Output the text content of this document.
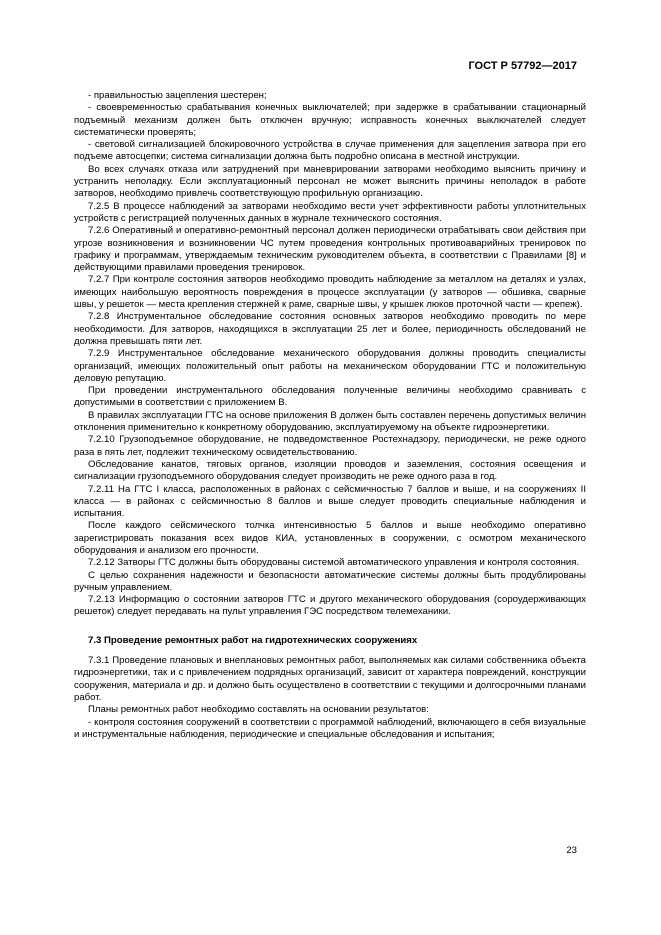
ГОСТ Р 57792—2017

- правильностью зацепления шестерен;

- своевременностью срабатывания конечных выключателей; при задержке в срабатывании стационарный подъемный механизм должен быть отключен вручную; исправность конечных выключателей следует систематически проверять;

- световой сигнализацией блокировочного устройства в случае применения для зацепления затвора при его подъеме автосцепки; система сигнализации должна быть подробно описана в местной инструкции.

Во всех случаях отказа или затруднений при маневрировании затворами необходимо выяснить причину и устранить неполадку. Если эксплуатационный персонал не может выяснить причины неполадок в работе затворов, необходимо привлечь соответствующую профильную организацию.

7.2.5 В процессе наблюдений за затворами необходимо вести учет эффективности работы уплотнительных устройств с регистрацией полученных данных в журнале технического состояния.

7.2.6 Оперативный и оперативно-ремонтный персонал должен периодически отрабатывать свои действия при угрозе возникновения и возникновении ЧС путем проведения контрольных противоаварийных тренировок по графику и программам, утверждаемым техническим руководителем объекта, в соответствии с Правилами [8] и действующими правилами проведения тренировок.

7.2.7 При контроле состояния затворов необходимо проводить наблюдение за металлом на деталях и узлах, имеющих наибольшую вероятность повреждения в процессе эксплуатации (у затворов — обшивка, сварные швы, у решеток — места крепления стержней к раме, сварные швы, у крышек люков проточной части — крепеж).

7.2.8 Инструментальное обследование состояния основных затворов необходимо проводить по мере необходимости. Для затворов, находящихся в эксплуатации 25 лет и более, периодичность обследований не должна превышать пяти лет.

7.2.9 Инструментальное обследование механического оборудования должны проводить специалисты организаций, имеющих положительный опыт работы на механическом оборудовании ГТС и положительную деловую репутацию.

При проведении инструментального обследования полученные величины необходимо сравнивать с допустимыми в соответствии с приложением В.

В правилах эксплуатации ГТС на основе приложения В должен быть составлен перечень допустимых величин отклонения применительно к конкретному оборудованию, эксплуатируемому на объекте гидроэнергетики.

7.2.10 Грузоподъемное оборудование, не подведомственное Ростехнадзору, периодически, не реже одного раза в пять лет, подлежит техническому освидетельствованию.

Обследование канатов, тяговых органов, изоляции проводов и заземления, состояния освещения и сигнализации грузоподъемного оборудования следует производить не реже одного раза в год.

7.2.11 На ГТС I класса, расположенных в районах с сейсмичностью 7 баллов и выше, и на сооружениях II класса — в районах с сейсмичностью 8 баллов и выше следует проводить специальные наблюдения и испытания.

После каждого сейсмического толчка интенсивностью 5 баллов и выше необходимо оперативно зарегистрировать показания всех видов КИА, установленных в сооружении, с осмотром механического оборудования и анализом его прочности.

7.2.12 Затворы ГТС должны быть оборудованы системой автоматического управления и контроля состояния.

С целью сохранения надежности и безопасности автоматические системы должны быть продублированы ручным управлением.

7.2.13 Информацию о состоянии затворов ГТС и другого механического оборудования (сороудерживающих решеток) следует передавать на пульт управления ГЭС посредством телемеханики.

7.3 Проведение ремонтных работ на гидротехнических сооружениях

7.3.1 Проведение плановых и внеплановых ремонтных работ, выполняемых как силами собственника объекта гидроэнергетики, так и с привлечением подрядных организаций, зависит от характера повреждений, конструкции сооружения, материала и др. и должно быть осуществлено в соответствии с текущими и долгосрочными планами работ.

Планы ремонтных работ необходимо составлять на основании результатов:

- контроля состояния сооружений в соответствии с программой наблюдений, включающего в себя визуальные и инструментальные наблюдения, периодические и специальные обследования и испытания;

23
